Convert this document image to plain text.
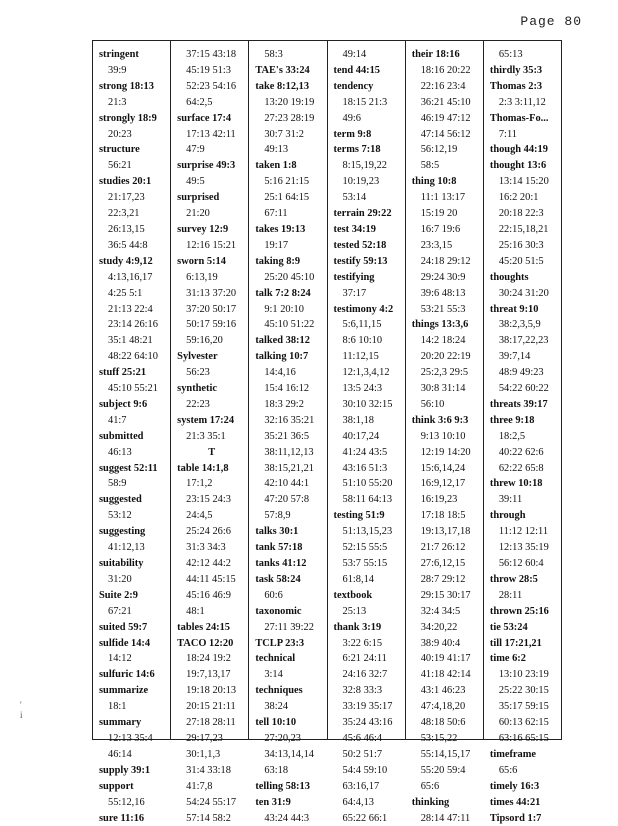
Page 80
stringent
39:9
strong 18:13
21:3
strongly 18:9
20:23
structure
56:21
studies 20:1
21:17,23
22:3,21
26:13,15
36:5 44:8
study 4:9,12
4:13,16,17
4:25 5:1
21:13 22:4
23:14 26:16
35:1 48:21
48:22 64:10
stuff 25:21
45:10 55:21
subject 9:6
41:7
submitted
46:13
suggest 52:11
58:9
suggested
53:12
suggesting
41:12,13
suitability
31:20
Suite 2:9
67:21
suited 59:7
sulfide 14:4
14:12
sulfuric 14:6
summarize
18:1
summary
12:13 35:4
46:14
supply 39:1
support
55:12,16
sure 11:16
37:15 43:18
45:19 51:3
52:23 54:16
64:2,5
surface 17:4
17:13 42:11
47:9
surprise 49:3
49:5
surprised
21:20
survey 12:9
12:16 15:21
sworn 5:14
6:13,19
31:13 37:20
37:20 50:17
50:17 59:16
59:16,20
Sylvester
56:23
synthetic
22:23
system 17:24
21:3 35:1
T
table 14:1,8
17:1,2
23:15 24:3
24:4,5
25:24 26:6
31:3 34:3
42:12 44:2
44:11 45:15
45:16 46:9
48:1
tables 24:15
TACO 12:20
18:24 19:2
19:7,13,17
19:18 20:13
20:15 21:11
27:18 28:11
29:17,23
30:1,1,3
31:4 33:18
41:7,8
54:24 55:17
57:14 58:2
58:3
TAE's 33:24
take 8:12,13
13:20 19:19
27:23 28:19
30:7 31:2
49:13
taken 1:8
5:16 21:15
25:1 64:15
67:11
takes 19:13
19:17
taking 8:9
25:20 45:10
talk 7:2 8:24
9:1 20:10
45:10 51:22
talked 38:12
talking 10:7
14:4,16
15:4 16:12
18:3 29:2
32:16 35:21
35:21 36:5
38:11,12,13
38:15,21,21
42:10 44:1
47:20 57:8
57:8,9
talks 30:1
tank 57:18
tanks 41:12
task 58:24
60:6
taxonomic
27:11 39:22
TCLP 23:3
technical
3:14
techniques
38:24
tell 10:10
27:20,23
34:13,14,14
63:18
telling 58:13
ten 31:9
43:24 44:3
49:14
tend 44:15
tendency
18:15 21:3
49:6
term 9:8
terms 7:18
8:15,19,22
10:19,23
53:14
terrain 29:22
test 34:19
tested 52:18
testify 59:13
testifying
37:17
testimony 4:2
5:6,11,15
8:6 10:10
11:12,15
12:1,3,4,12
13:5 24:3
30:10 32:15
38:1,18
40:17,24
41:24 43:5
43:16 51:3
51:10 55:20
58:11 64:13
testing 51:9
51:13,15,23
52:15 55:5
53:7 55:15
61:8,14
textbook
25:13
thank 3:19
3:22 6:15
6:21 24:11
24:16 32:7
32:8 33:3
33:19 35:17
35:24 43:16
45:6 46:4
50:2 51:7
54:4 59:10
63:16,17
64:4,13
65:22 66:1
their 18:16
18:16 20:22
22:16 23:4
36:21 45:10
46:19 47:12
47:14 56:12
56:12,19
58:5
thing 10:8
11:1 13:17
15:19 20
16:7 19:6
23:3,15
24:18 29:12
29:24 30:9
39:6 48:13
53:21 55:3
things 13:3,6
14:2 18:24
20:20 22:19
25:2,3 29:5
30:8 31:14
56:10
think 3:6 9:3
9:13 10:10
12:19 14:20
15:6,14,24
16:9,12,17
16:19,23
17:18 18:5
19:13,17,18
21:7 26:12
27:6,12,15
28:7 29:12
29:15 30:17
32:4 34:5
34:20,22
38:9 40:4
40:19 41:17
41:18 42:14
43:1 46:23
47:4,18,20
48:18 50:6
53:15,22
55:14,15,17
55:20 59:4
65:6
thinking
28:14 47:11
65:13
thirdly 35:3
Thomas 2:3
2:3 3:11,12
Thomas-Fo...
7:11
though 44:19
thought 13:6
13:14 15:20
16:2 20:1
20:18 22:3
22:15,18,21
25:16 30:3
45:20 51:5
thoughts
30:24 31:20
threat 9:10
38:2,3,5,9
38:17,22,23
39:7,14
48:9 49:23
54:22 60:22
threats 39:17
three 9:18
18:2,5
40:22 62:6
62:22 65:8
threw 10:18
39:11
through
11:12 12:11
12:13 35:19
56:12 60:4
throw 28:5
28:11
thrown 25:16
tie 53:24
till 17:21,21
time 6:2
13:10 23:19
25:22 30:15
35:17 59:15
60:13 62:15
63:16 65:15
timeframe
65:6
timely 16:3
times 44:21
Tipsord 1:7
'
i
